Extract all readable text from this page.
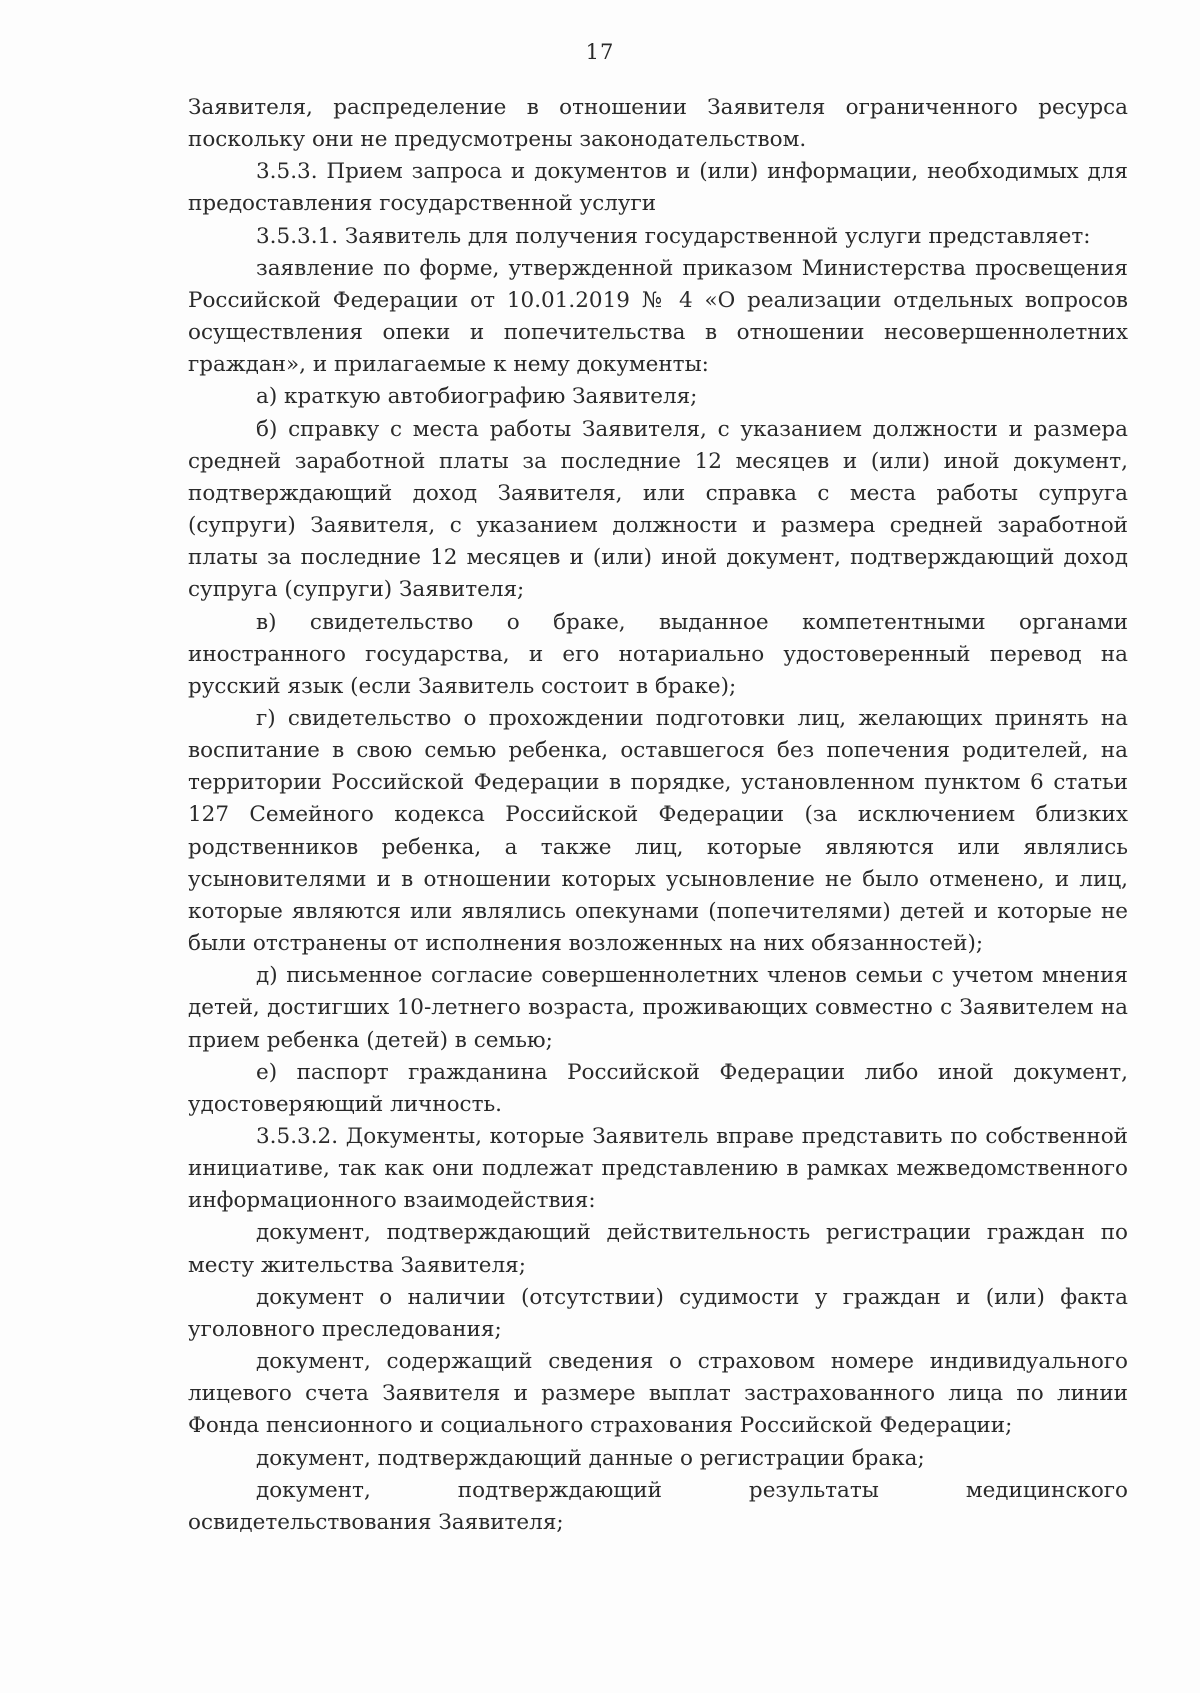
17

Заявителя, распределение в отношении Заявителя ограниченного ресурса поскольку они не предусмотрены законодательством.

3.5.3. Прием запроса и документов и (или) информации, необходимых для предоставления государственной услуги

3.5.3.1. Заявитель для получения государственной услуги представляет:

заявление по форме, утвержденной приказом Министерства просвещения Российской Федерации от 10.01.2019 № 4 «О реализации отдельных вопросов осуществления опеки и попечительства в отношении несовершеннолетних граждан», и прилагаемые к нему документы:

а) краткую автобиографию Заявителя;

б) справку с места работы Заявителя, с указанием должности и размера средней заработной платы за последние 12 месяцев и (или) иной документ, подтверждающий доход Заявителя, или справка с места работы супруга (супруги) Заявителя, с указанием должности и размера средней заработной платы за последние 12 месяцев и (или) иной документ, подтверждающий доход супруга (супруги) Заявителя;

в) свидетельство о браке, выданное компетентными органами иностранного государства, и его нотариально удостоверенный перевод на русский язык (если Заявитель состоит в браке);

г) свидетельство о прохождении подготовки лиц, желающих принять на воспитание в свою семью ребенка, оставшегося без попечения родителей, на территории Российской Федерации в порядке, установленном пунктом 6 статьи 127 Семейного кодекса Российской Федерации (за исключением близких родственников ребенка, а также лиц, которые являются или являлись усыновителями и в отношении которых усыновление не было отменено, и лиц, которые являются или являлись опекунами (попечителями) детей и которые не были отстранены от исполнения возложенных на них обязанностей);

д) письменное согласие совершеннолетних членов семьи с учетом мнения детей, достигших 10-летнего возраста, проживающих совместно с Заявителем на прием ребенка (детей) в семью;

е) паспорт гражданина Российской Федерации либо иной документ, удостоверяющий личность.

3.5.3.2. Документы, которые Заявитель вправе представить по собственной инициативе, так как они подлежат представлению в рамках межведомственного информационного взаимодействия:

документ, подтверждающий действительность регистрации граждан по месту жительства Заявителя;

документ о наличии (отсутствии) судимости у граждан и (или) факта уголовного преследования;

документ, содержащий сведения о страховом номере индивидуального лицевого счета Заявителя и размере выплат застрахованного лица по линии Фонда пенсионного и социального страхования Российской Федерации;

документ, подтверждающий данные о регистрации брака;

документ, подтверждающий результаты медицинского освидетельствования Заявителя;
